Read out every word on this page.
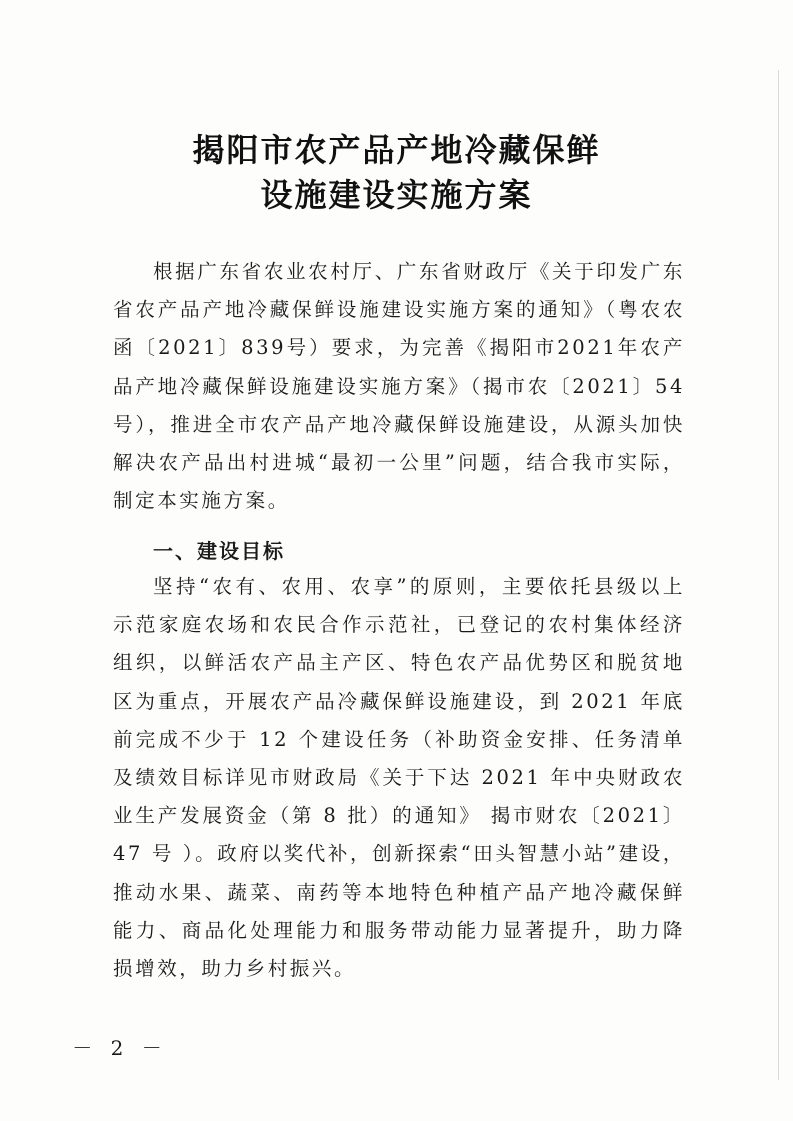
揭阳市农产品产地冷藏保鲜
设施建设实施方案
根据广东省农业农村厅、广东省财政厅《关于印发广东省农产品产地冷藏保鲜设施建设实施方案的通知》（粤农农函〔2021〕839号）要求，为完善《揭阳市2021年农产品产地冷藏保鲜设施建设实施方案》（揭市农〔2021〕54号），推进全市农产品产地冷藏保鲜设施建设，从源头加快解决农产品出村进城“最初一公里”问题，结合我市实际，制定本实施方案。
一、建设目标
坚持“农有、农用、农享”的原则，主要依托县级以上示范家庭农场和农民合作示范社，已登记的农村集体经济组织，以鲜活农产品主产区、特色农产品优势区和脱贫地区为重点，开展农产品冷藏保鲜设施建设，到 2021 年底前完成不少于 12 个建设任务（补助资金安排、任务清单及绩效目标详见市财政局《关于下达 2021 年中央财政农业生产发展资金（第 8 批）的通知》 揭市财农〔2021〕47 号 ）。政府以奖代补，创新探索“田头智慧小站”建设，推动水果、蔬菜、南药等本地特色种植产品产地冷藏保鲜能力、商品化处理能力和服务带动能力显著提升，助力降损增效，助力乡村振兴。
－ 2 －
